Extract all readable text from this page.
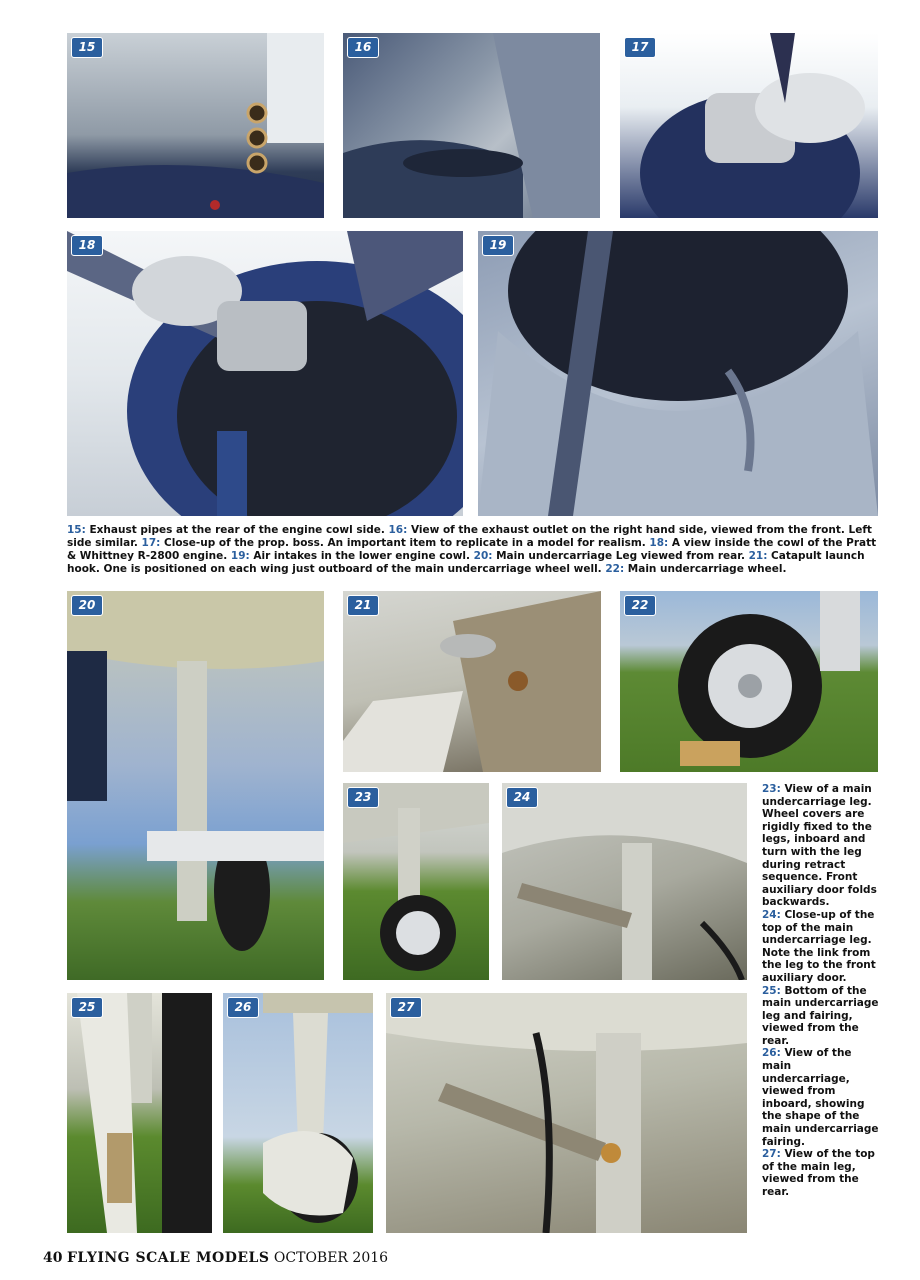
15	16	17
18	19

15: Exhaust pipes at the rear of the engine cowl side. 16: View of the exhaust outlet on the right hand side, viewed from the front. Left side similar. 17: Close-up of the prop. boss. An important item to replicate in a model for realism. 18: A view inside the cowl of the Pratt & Whittney R-2800 engine. 19: Air intakes in the lower engine cowl. 20: Main undercarriage Leg viewed from rear. 21: Catapult launch hook. One is positioned on each wing just outboard of the main undercarriage wheel well. 22: Main undercarriage wheel.

20	21	22
23	24
25	26	27

23: View of a main undercarriage leg. Wheel covers are rigidly fixed to the legs, inboard and turn with the leg during retract sequence. Front auxiliary door folds backwards.

24: Close-up of the top of the main undercarriage leg. Note the link from the leg to the front auxiliary door.

25: Bottom of the main undercarriage leg and fairing, viewed from the rear.

26: View of the main undercarriage, viewed from inboard, showing the shape of the main undercarriage fairing.

27: View of the top of the main leg, viewed from the rear.

40 FLYING SCALE MODELS OCTOBER 2016
